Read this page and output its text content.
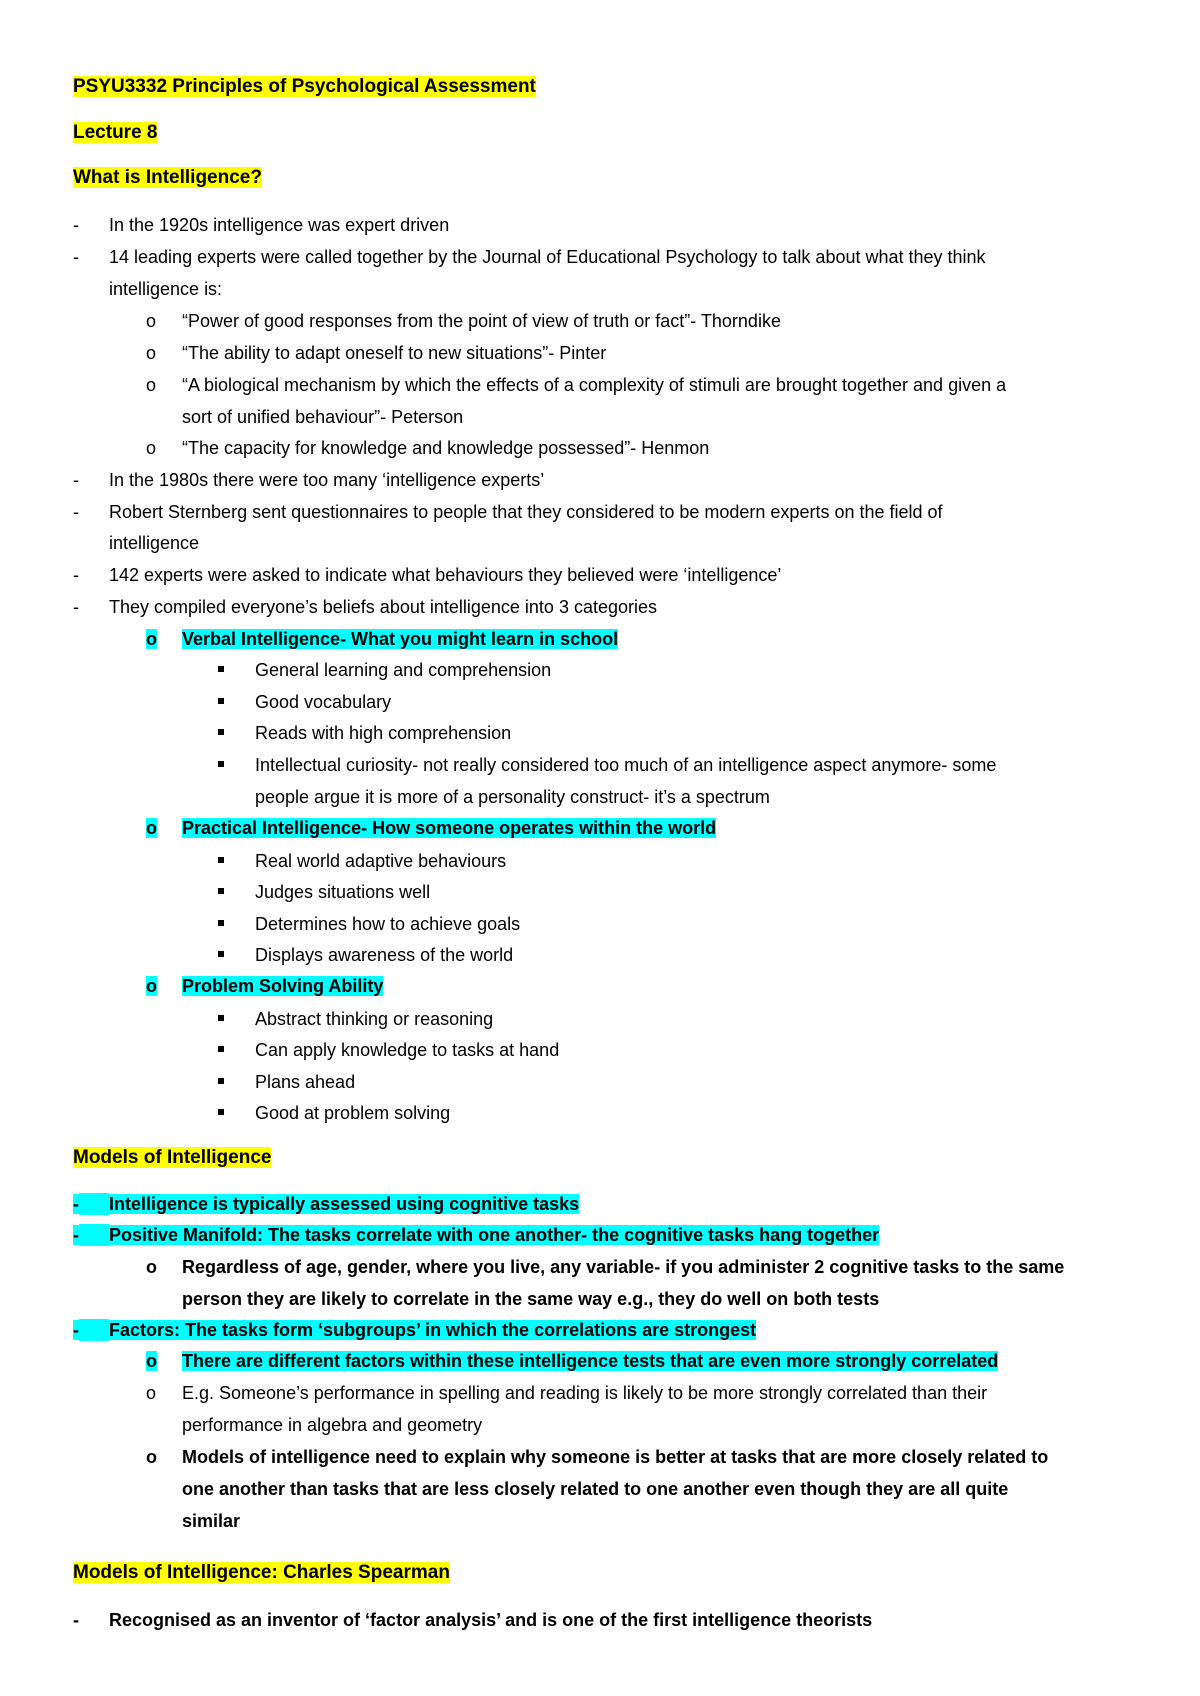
PSYU3332 Principles of Psychological Assessment
Lecture 8
What is Intelligence?
- In the 1920s intelligence was expert driven
- 14 leading experts were called together by the Journal of Educational Psychology to talk about what they think
intelligence is:
o “Power of good responses from the point of view of truth or fact”- Thorndike
o “The ability to adapt oneself to new situations”- Pinter
o “A biological mechanism by which the effects of a complexity of stimuli are brought together and given a
sort of unified behaviour”- Peterson
o “The capacity for knowledge and knowledge possessed”- Henmon
- In the 1980s there were too many ‘intelligence experts’
- Robert Sternberg sent questionnaires to people that they considered to be modern experts on the field of
intelligence
- 142 experts were asked to indicate what behaviours they believed were ‘intelligence’
- They compiled everyone’s beliefs about intelligence into 3 categories
o Verbal Intelligence- What you might learn in school
General learning and comprehension
Good vocabulary
Reads with high comprehension
Intellectual curiosity- not really considered too much of an intelligence aspect anymore- some
people argue it is more of a personality construct- it’s a spectrum
o Practical Intelligence- How someone operates within the world
Real world adaptive behaviours
Judges situations well
Determines how to achieve goals
Displays awareness of the world
o Problem Solving Ability
Abstract thinking or reasoning
Can apply knowledge to tasks at hand
Plans ahead
Good at problem solving
Models of Intelligence
- Intelligence is typically assessed using cognitive tasks
- Positive Manifold: The tasks correlate with one another- the cognitive tasks hang together
o Regardless of age, gender, where you live, any variable- if you administer 2 cognitive tasks to the same
person they are likely to correlate in the same way e.g., they do well on both tests
- Factors: The tasks form ‘subgroups’ in which the correlations are strongest
o There are different factors within these intelligence tests that are even more strongly correlated
o E.g. Someone’s performance in spelling and reading is likely to be more strongly correlated than their
performance in algebra and geometry
o Models of intelligence need to explain why someone is better at tasks that are more closely related to
one another than tasks that are less closely related to one another even though they are all quite
similar
Models of Intelligence: Charles Spearman
- Recognised as an inventor of ‘factor analysis’ and is one of the first intelligence theorists
